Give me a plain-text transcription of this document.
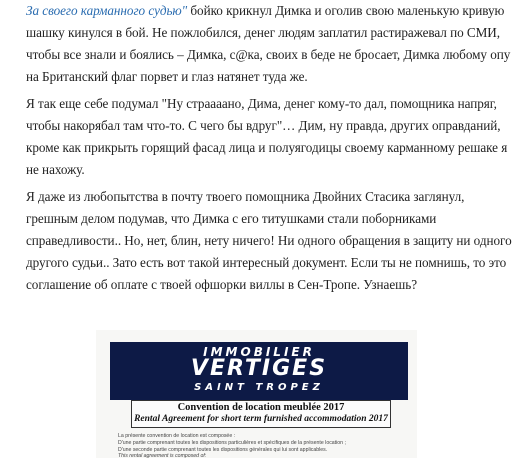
За своего карманного судью" бойко крикнул Димка и оголив свою маленькую кривую
шашку кинулся в бой. Не пожлобился, денег людям заплатил растиражевал по СМИ,
чтобы все знали и боялись – Димка, с@ка, своих в беде не бросает, Димка любому опу
на Британский флаг порвет и глаз натянет туда же.

Я так еще себе подумал "Ну страааано, Дима, денег кому-то дал, помощника напряг,
чтобы накорябал там что-то. С чего бы вдруг"… Дим, ну правда, других оправданий,
кроме как прикрыть горящий фасад лица и полуягодицы своему карманному решаке я
не нахожу.

Я даже из любопытства в почту твоего помощника Двойних Стасика заглянул,
грешным делом подумав, что Димка с его титушками стали поборниками
справедливости.. Но, нет, блин, нету ничего! Ни одного обращения в защиту ни одного
другого судьи.. Зато есть вот такой интересный документ. Если ты не помнишь, то это
соглашение об оплате с твоей офшорки виллы в Сен-Тропе. Узнаешь?

IMMOBILIER
VERTIGES
SAINT TROPEZ
Convention de location meublée 2017
Rental Agreement for short term furnished accommodation 2017
La présente convention de location est composée :
D'une partie comprenant toutes les dispositions particulières et spécifiques de la présente location ;
D'une seconde partie comprenant toutes les dispositions générales qui lui sont applicables.
This rental agreement is composed of:
